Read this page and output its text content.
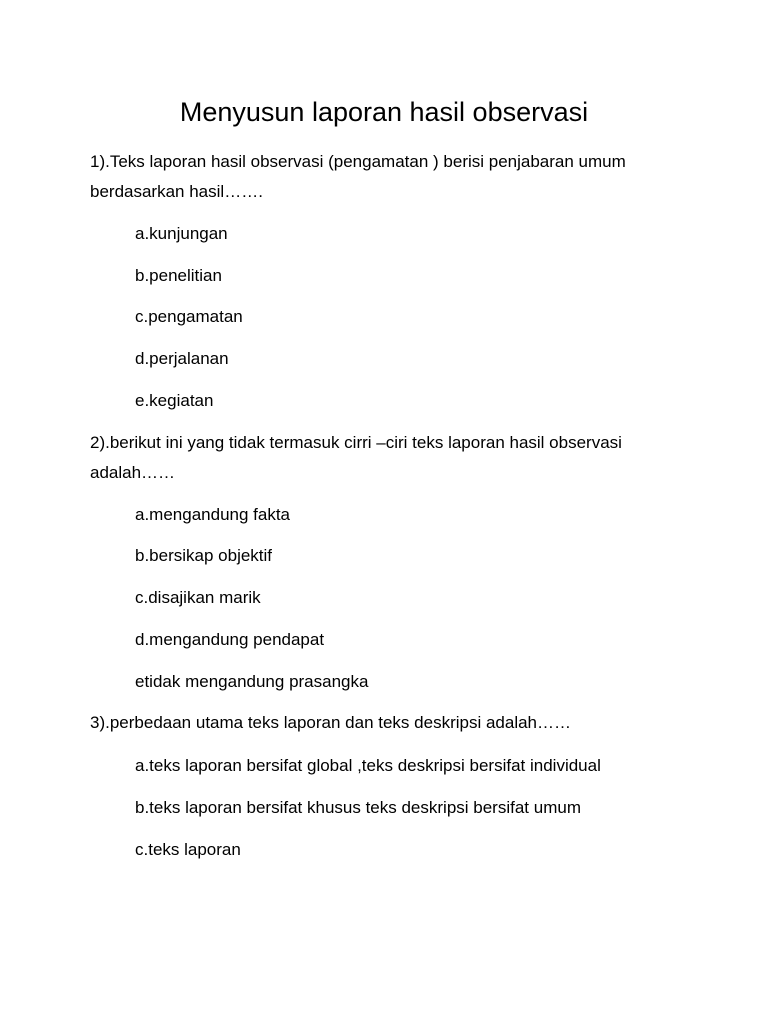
Menyusun laporan hasil observasi
1).Teks laporan hasil observasi (pengamatan ) berisi penjabaran umum
berdasarkan hasil…….
a.kunjungan
b.penelitian
c.pengamatan
d.perjalanan
e.kegiatan
2).berikut ini yang tidak termasuk cirri –ciri teks laporan hasil observasi
adalah……
a.mengandung fakta
b.bersikap objektif
c.disajikan marik
d.mengandung pendapat
etidak mengandung prasangka
3).perbedaan utama teks laporan dan teks deskripsi adalah……
a.teks laporan bersifat global ,teks deskripsi bersifat individual
b.teks laporan bersifat khusus teks deskripsi bersifat umum
c.teks laporan
